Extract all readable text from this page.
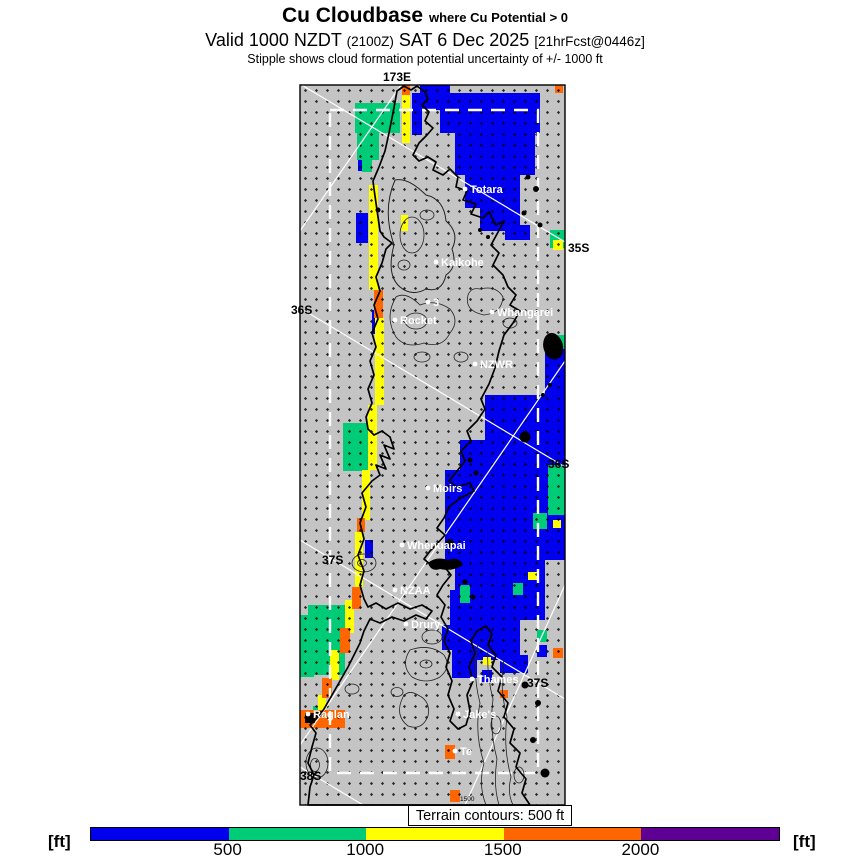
Cu Cloudbase where Cu Potential > 0
Valid 1000 NZDT (2100Z) SAT 6 Dec 2025 [21hrFcst@0446z]
Stipple shows cloud formation potential uncertainty of +/- 1000 ft
1500
Totara
Kaikohe
3
Rocket
Whangarei
NZWR
Moirs
Whenuapai
NZAA
Drury
Thames
Jake's
Te
Raglan
173E
35S
36S
36S
37S
37S
38S
Terrain contours: 500 ft
[ft]	500	1000	1500	2000	[ft]
